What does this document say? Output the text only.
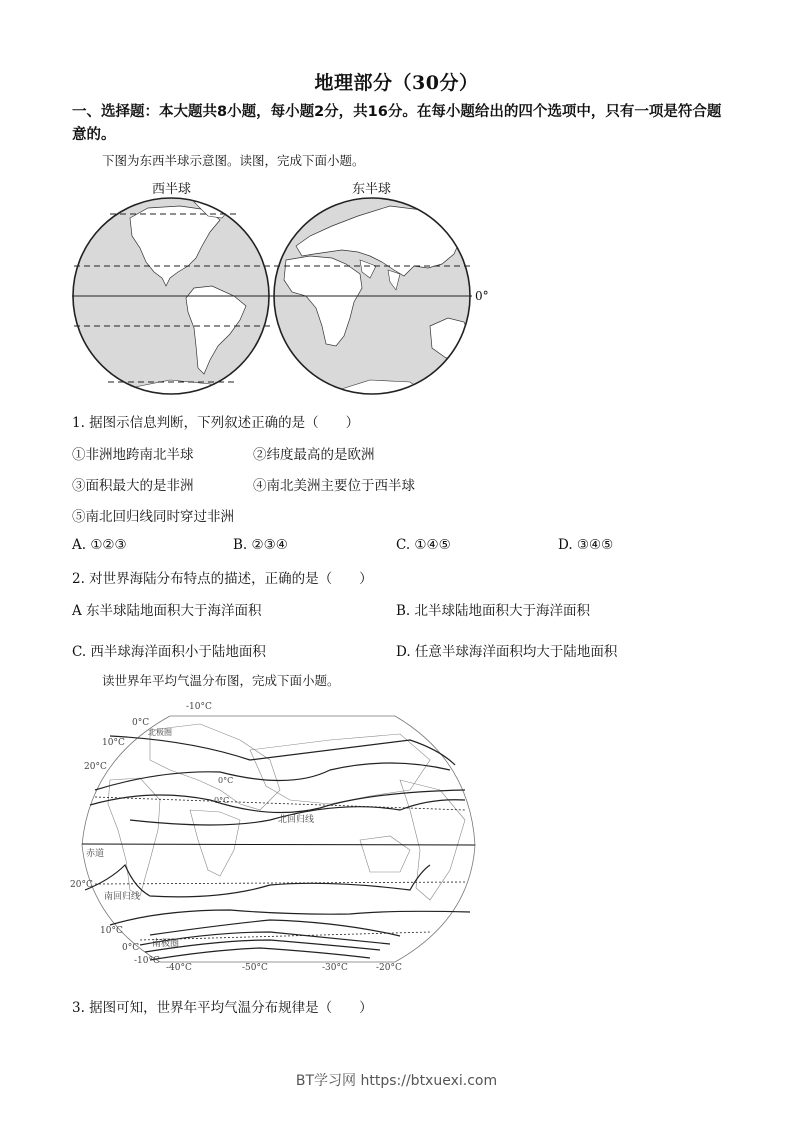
地理部分（30分）
一、选择题：本大题共8小题，每小题2分，共16分。在每小题给出的四个选项中，只有一项是符合题意的。
下图为东西半球示意图。读图，完成下面小题。
西半球	东半球
0°
1. 据图示信息判断，下列叙述正确的是（　　）
①非洲地跨南北半球	②纬度最高的是欧洲
③面积最大的是非洲	④南北美洲主要位于西半球
⑤南北回归线同时穿过非洲
A. ①②③	B. ②③④	C. ①④⑤	D. ③④⑤
2. 对世界海陆分布特点的描述，正确的是（　　）
A 东半球陆地面积大于海洋面积	B. 北半球陆地面积大于海洋面积
C. 西半球海洋面积小于陆地面积	D. 任意半球海洋面积均大于陆地面积
读世界年平均气温分布图，完成下面小题。
-10°C
0°C
10°C
20°C
20°C
10°C
0°C
-10°C
-40°C	-50°C	-30°C	-20°C
北回归线
赤道
南回归线
南极圈
北极圈
0°C
0°C
3. 据图可知，世界年平均气温分布规律是（　　）
BT学习网 https://btxuexi.com
